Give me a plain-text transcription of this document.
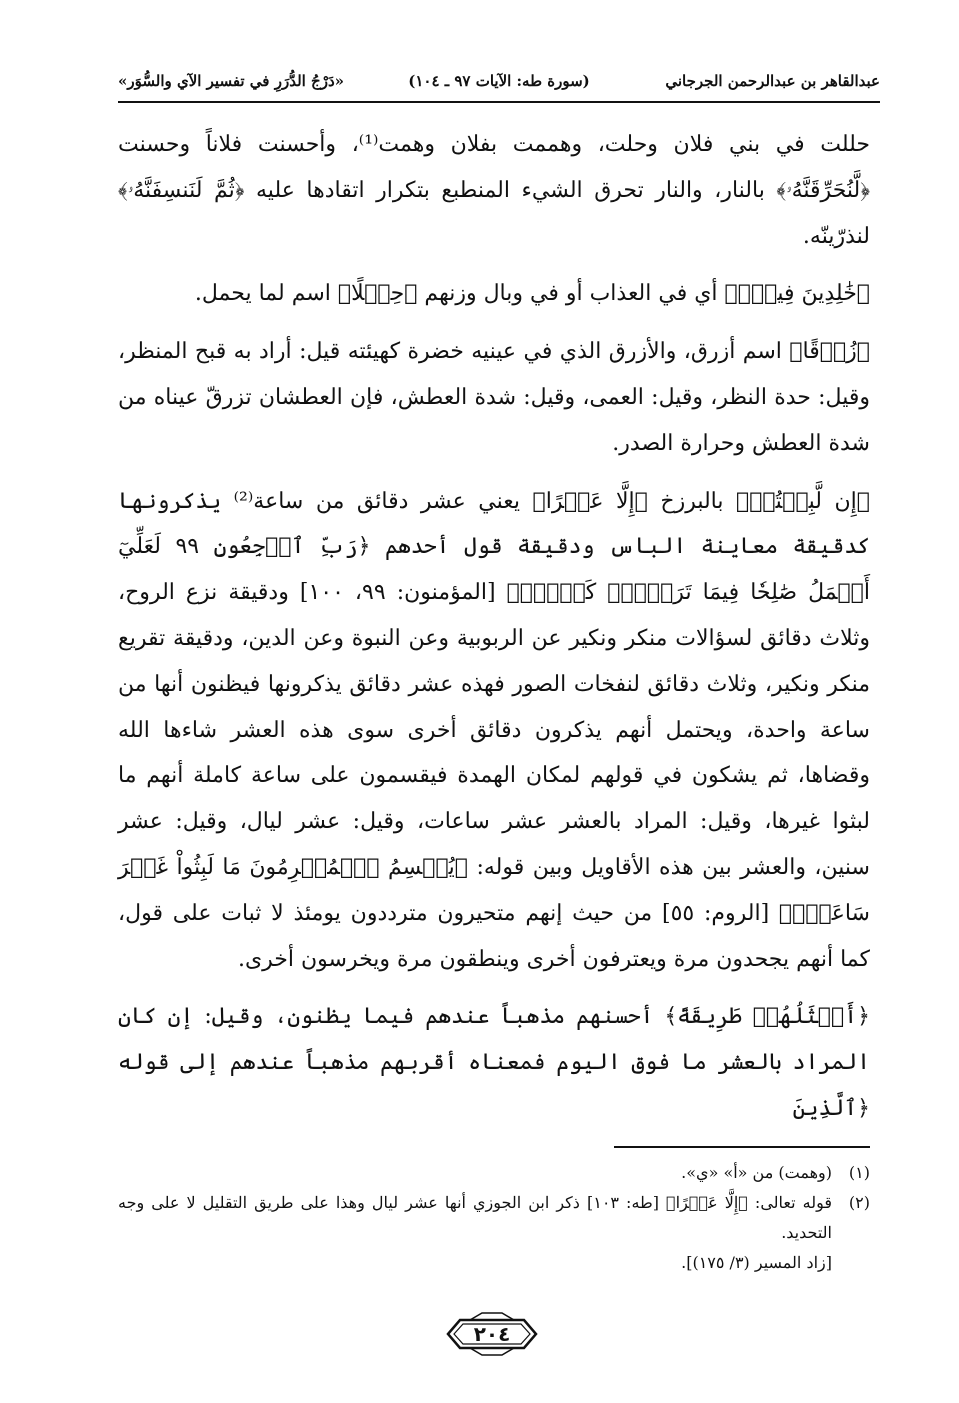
عبدالقاهر بن عبدالرحمن الجرجاني
(سورة طه: الآيات ٩٧ ـ ١٠٤)
«دَرْجُ الدُّرَرِ في تفسير الآي والسُّوَر»

حللت في بني فلان وحلت، وهممت بفلان وهمت⁽¹⁾، وأحسنت فلاناً وحسنت ﴿لَّنُحَرِّقَنَّهُۥ﴾ بالنار، والنار تحرق الشيء المنطبع بتكرار اتقادها عليه ﴿ثُمَّ لَنَنسِفَنَّهُۥ﴾ لنذرّينّه.

﴿خَٰلِدِينَ فِيهِۖ﴾ أي في العذاب أو في وبال وزنهم ﴿حِمۡلًا﴾ اسم لما يحمل.

﴿زُرۡقًا﴾ اسم أزرق، والأزرق الذي في عينيه خضرة كهيئته قيل: أراد به قبح المنظر، وقيل: حدة النظر، وقيل: العمى، وقيل: شدة العطش، فإن العطشان تزرقّ عيناه من شدة العطش وحرارة الصدر.

﴿إِن لَّبِثۡتُمۡ﴾ بالبرزخ ﴿إِلَّا عَشۡرًا﴾ يعني عشر دقائق من ساعة⁽²⁾ يذكرونها كدقيقة معاينة الباس ودقيقة قول أحدهم ﴿رَبِّ ٱرۡجِعُونِ ٩٩ لَعَلِّيٓ أَعۡمَلُ صَٰلِحٗا فِيمَا تَرَكۡتُۚ كَلَّآۚ﴾ [المؤمنون: ٩٩، ١٠٠] ودقيقة نزع الروح، وثلاث دقائق لسؤالات منكر ونكير عن الربوبية وعن النبوة وعن الدين، ودقيقة تقريع منكر ونكير، وثلاث دقائق لنفخات الصور فهذه عشر دقائق يذكرونها فيظنون أنها من ساعة واحدة، ويحتمل أنهم يذكرون دقائق أخرى سوى هذه العشر شاءها الله وقضاها، ثم يشكون في قولهم لمكان الهمدة فيقسمون على ساعة كاملة أنهم ما لبثوا غيرها، وقيل: المراد بالعشر عشر ساعات، وقيل: عشر ليال، وقيل: عشر سنين، والعشر بين هذه الأقاويل وبين قوله: ﴿يُقۡسِمُ ٱلۡمُجۡرِمُونَ مَا لَبِثُواْ غَيۡرَ سَاعَةٖۚ﴾ [الروم: ٥٥] من حيث إنهم متحيرون مترددون يومئذ لا ثبات على قول، كما أنهم يجحدون مرة ويعترفون أخرى وينطقون مرة ويخرسون أخرى.

﴿أَمۡثَلُهُمۡ طَرِيقَةً﴾ أحسنهم مذهباً عندهم فيما يظنون، وقيل: إن كان المراد بالعشر ما فوق اليوم فمعناه أقربهم مذهباً عندهم إلى قوله ﴿ٱلَّذِينَ

(١)
(وهمت) من «أ» «ي».
(٢)
قوله تعالى: ﴿إِلَّا عَشۡرًا﴾ [طه: ١٠٣] ذكر ابن الجوزي أنها عشر ليال وهذا على طريق التقليل لا على وجه التحديد.
[زاد المسير (٣/ ١٧٥)].
٢٠٤
